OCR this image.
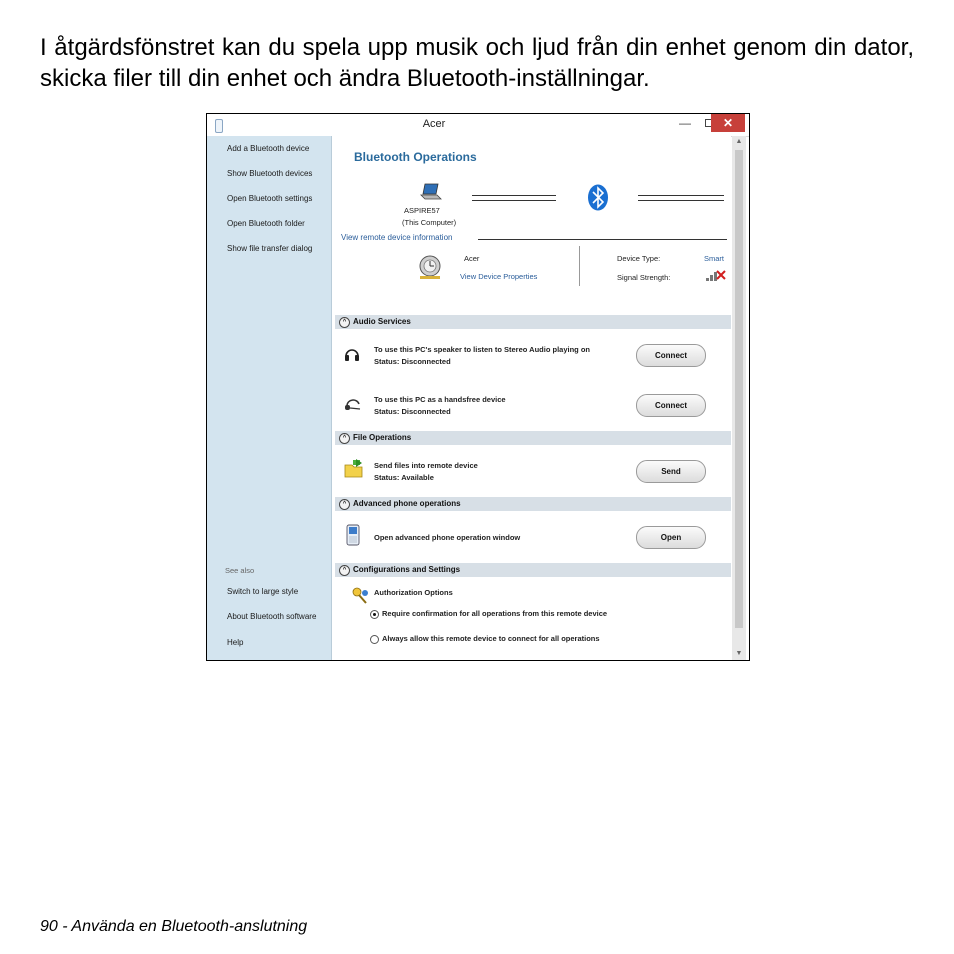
I åtgärdsfönstret kan du spela upp musik och ljud från din enhet genom din dator, skicka filer till din enhet och ändra Bluetooth-inställningar.

Acer	—	✕
Add a Bluetooth device
Show Bluetooth devices
Open Bluetooth settings
Open Bluetooth folder
Show file transfer dialog
See also
Switch to large style
About Bluetooth software
Help
Bluetooth Operations
ASPIRE57
(This Computer)
View remote device information
Acer
View Device Properties
Device Type:	Smart
Signal Strength:
^ Audio Services
To use this PC's speaker to listen to Stereo Audio playing on
Status: Disconnected
Connect
To use this PC as a handsfree device
Status: Disconnected
Connect
^ File Operations
Send files into remote device
Status: Available
Send
^ Advanced phone operations
Open advanced phone operation window	Open
^ Configurations and Settings
Authorization Options
Require confirmation for all operations from this remote device
Always allow this remote device to connect for all operations
▲
▼
90 - Använda en Bluetooth-anslutning
